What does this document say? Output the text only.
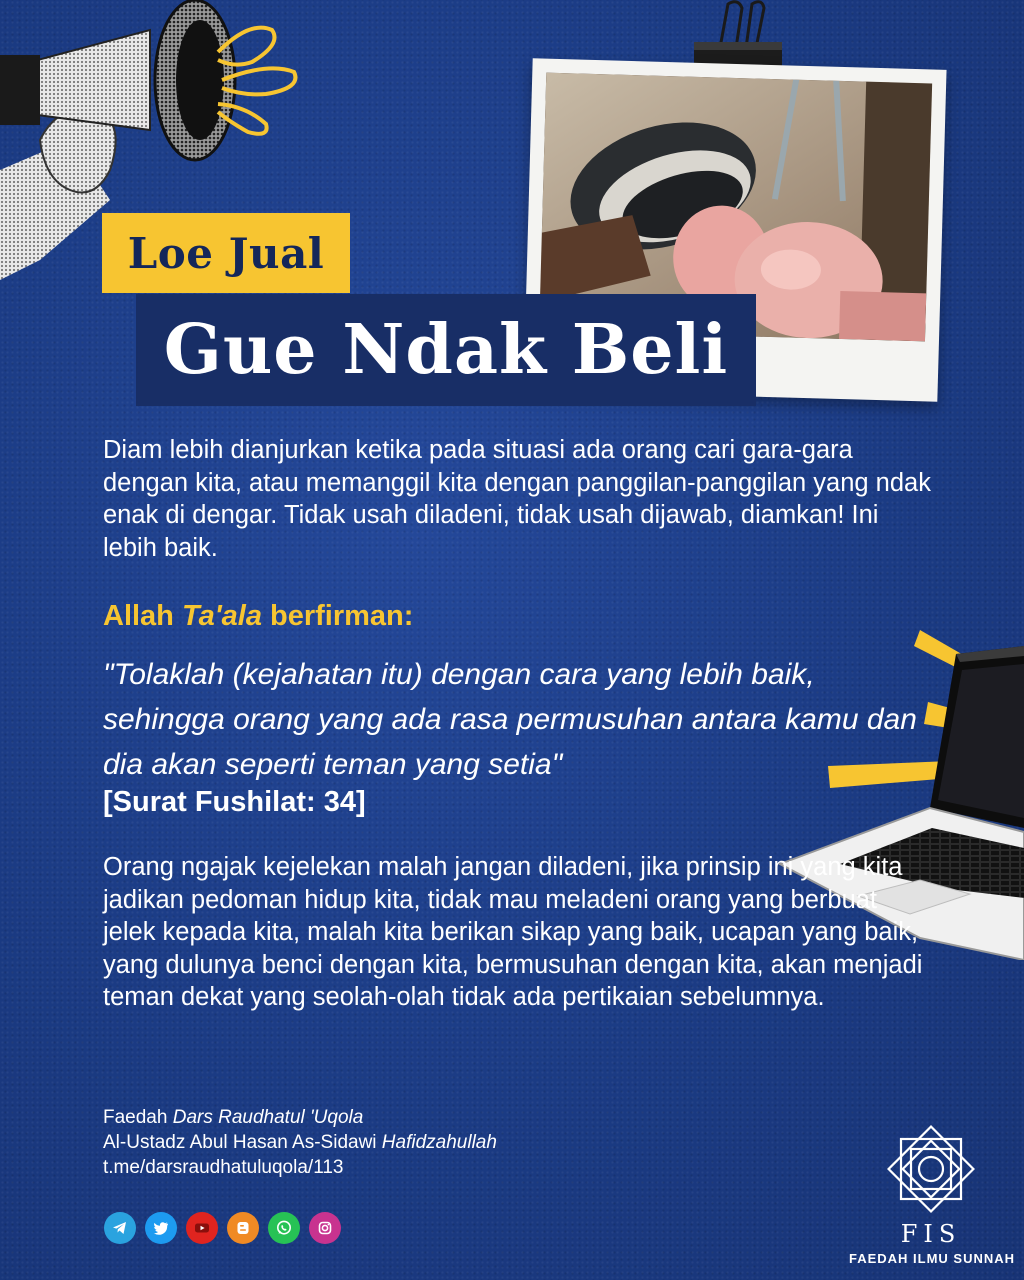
Loe Jual
Gue Ndak Beli
Diam lebih dianjurkan ketika pada situasi ada orang cari gara-gara dengan kita, atau memanggil kita dengan panggilan-panggilan yang ndak enak di dengar. Tidak usah diladeni, tidak usah dijawab, diamkan! Ini lebih baik.
Allah Ta'ala berfirman:
"Tolaklah (kejahatan itu) dengan cara yang lebih baik, sehingga orang yang ada rasa permusuhan antara kamu dan dia akan seperti teman yang setia"
[Surat Fushilat: 34]
Orang ngajak kejelekan malah jangan diladeni, jika prinsip ini yang kita jadikan pedoman hidup kita, tidak mau meladeni orang yang berbuat jelek kepada kita, malah kita berikan sikap yang baik, ucapan yang baik, yang dulunya benci dengan kita, bermusuhan dengan kita, akan menjadi teman dekat yang seolah-olah tidak ada pertikaian sebelumnya.
Faedah Dars Raudhatul 'Uqola
Al-Ustadz Abul Hasan As-Sidawi Hafidzahullah
t.me/darsraudhatuluqola/113
FIS
FAEDAH ILMU SUNNAH
